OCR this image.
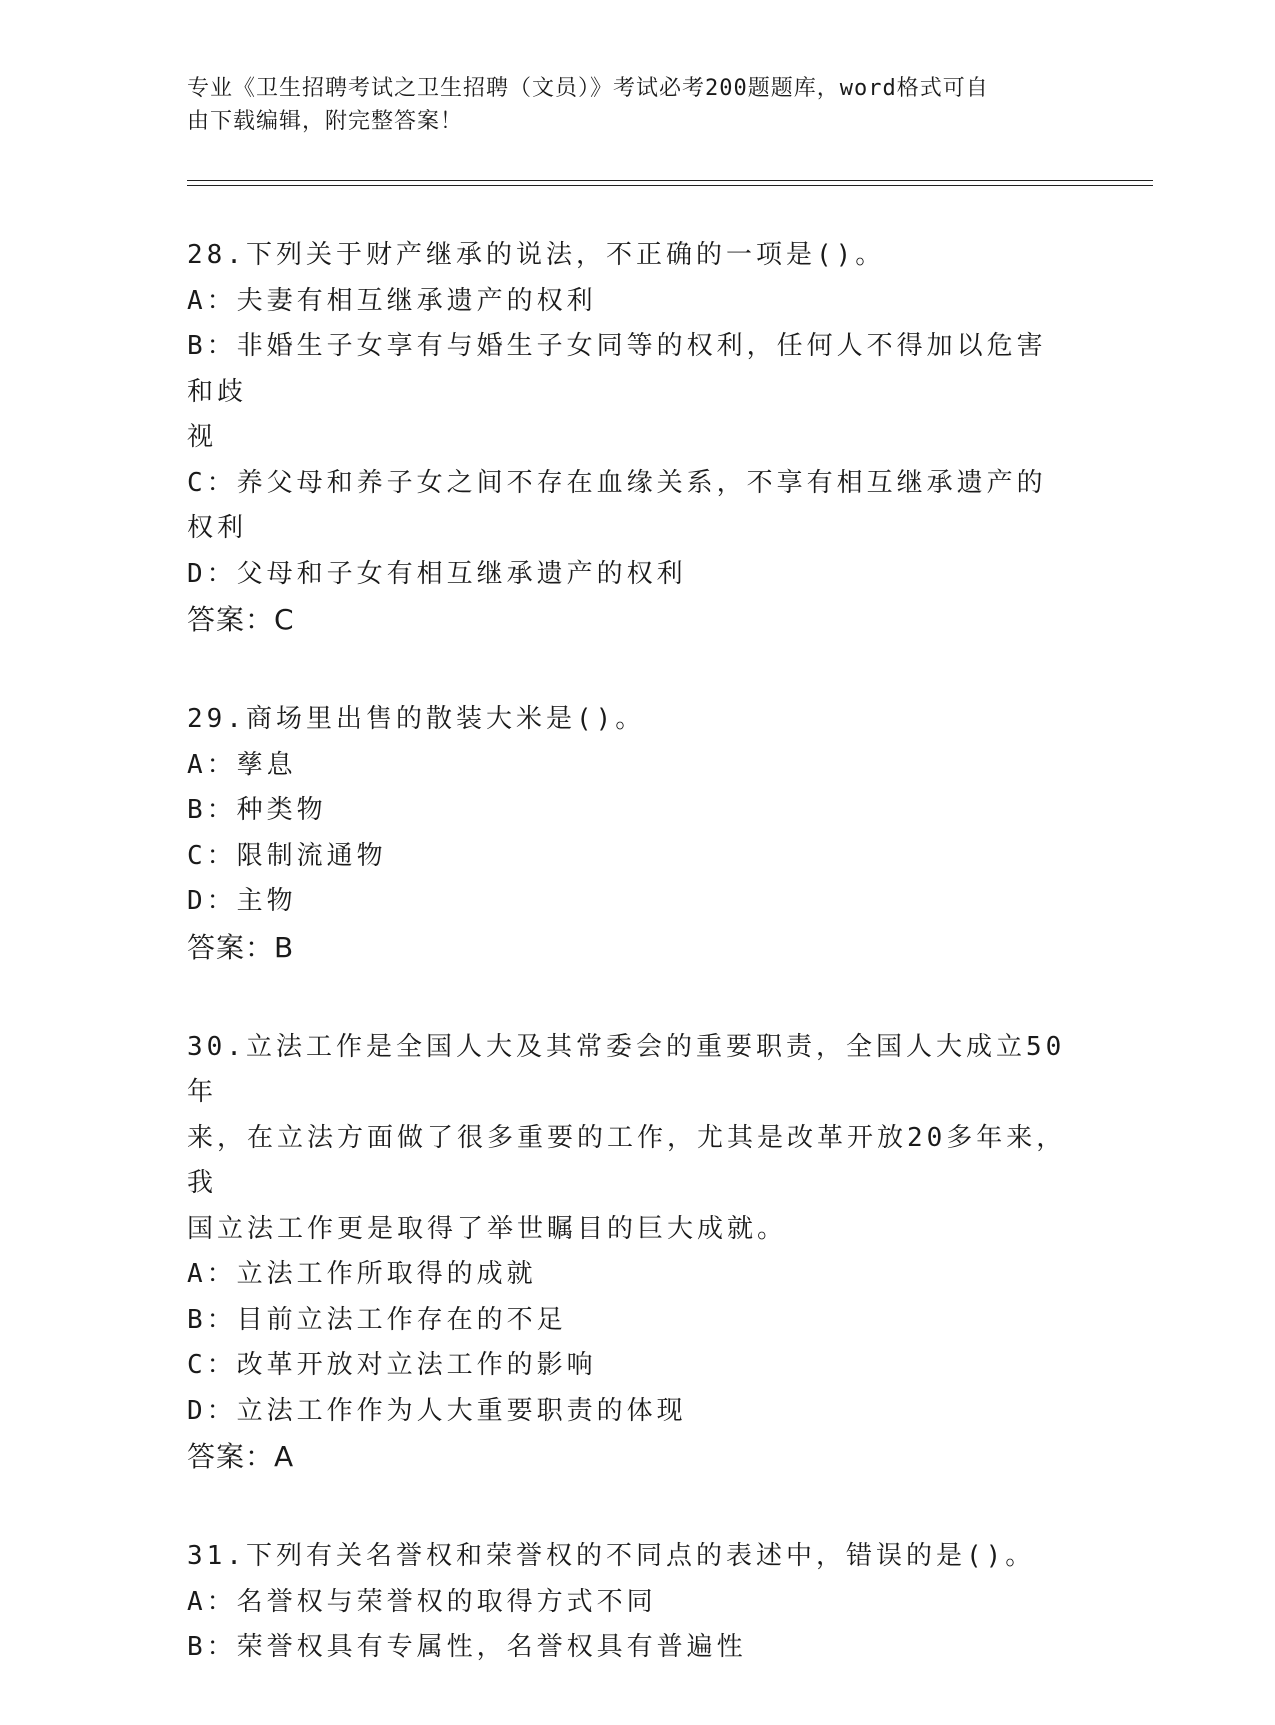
专业《卫生招聘考试之卫生招聘（文员）》考试必考200题题库，word格式可自
由下载编辑，附完整答案！

28.下列关于财产继承的说法，不正确的一项是()。

A：夫妻有相互继承遗产的权利

B：非婚生子女享有与婚生子女同等的权利，任何人不得加以危害和歧

视

C：养父母和养子女之间不存在血缘关系，不享有相互继承遗产的权利

D：父母和子女有相互继承遗产的权利

答案：C

29.商场里出售的散装大米是()。

A：孳息

B：种类物

C：限制流通物

D：主物

答案：B

30.立法工作是全国人大及其常委会的重要职责，全国人大成立50年

来，在立法方面做了很多重要的工作，尤其是改革开放20多年来，我

国立法工作更是取得了举世瞩目的巨大成就。

A：立法工作所取得的成就

B：目前立法工作存在的不足

C：改革开放对立法工作的影响

D：立法工作作为人大重要职责的体现

答案：A

31.下列有关名誉权和荣誉权的不同点的表述中，错误的是()。

A：名誉权与荣誉权的取得方式不同

B：荣誉权具有专属性，名誉权具有普遍性
